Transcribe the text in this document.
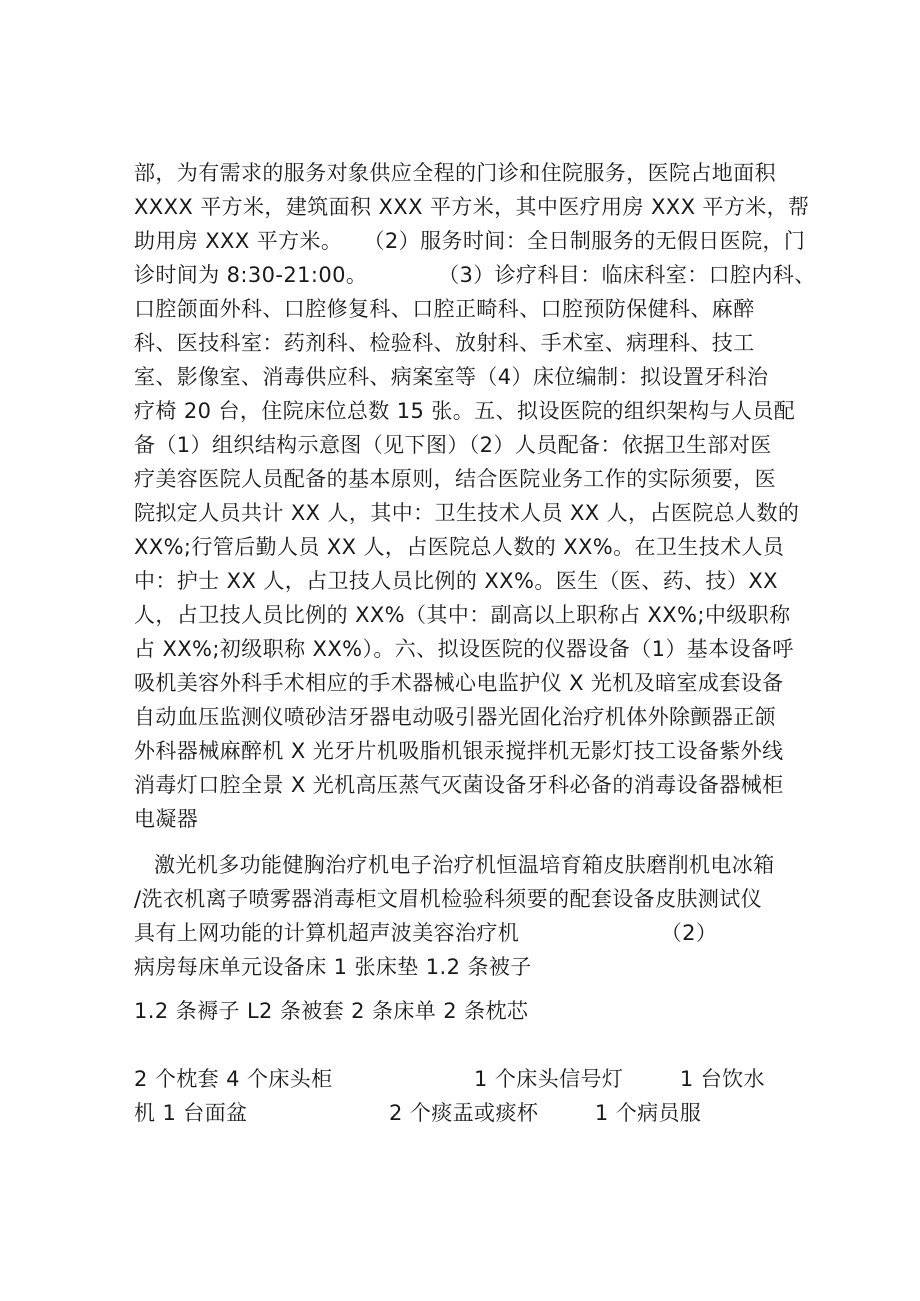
部，为有需求的服务对象供应全程的门诊和住院服务，医院占地面积

XXXX 平方米，建筑面积 XXX 平方米，其中医疗用房 XXX 平方米，帮

助用房 XXX 平方米。   （2）服务时间：全日制服务的无假日医院，门

诊时间为 8:30-21:00。          （3）诊疗科目：临床科室：口腔内科、

口腔颌面外科、口腔修复科、口腔正畸科、口腔预防保健科、麻醉

科、医技科室：药剂科、检验科、放射科、手术室、病理科、技工

室、影像室、消毒供应科、病案室等（4）床位编制：拟设置牙科治

疗椅 20 台，住院床位总数 15 张。五、拟设医院的组织架构与人员配

备（1）组织结构示意图（见下图）（2）人员配备：依据卫生部对医

疗美容医院人员配备的基本原则，结合医院业务工作的实际须要，医

院拟定人员共计 XX 人，其中：卫生技术人员 XX 人，占医院总人数的

XX%;行管后勤人员 XX 人，占医院总人数的 XX%。在卫生技术人员

中：护士 XX 人，占卫技人员比例的 XX%。医生（医、药、技）XX

人，占卫技人员比例的 XX%（其中：副高以上职称占 XX%;中级职称

占 XX%;初级职称 XX%）。六、拟设医院的仪器设备（1）基本设备呼

吸机美容外科手术相应的手术器械心电监护仪 X 光机及暗室成套设备

自动血压监测仪喷砂洁牙器电动吸引器光固化治疗机体外除颤器正颌

外科器械麻醉机 X 光牙片机吸脂机银汞搅拌机无影灯技工设备紫外线

消毒灯口腔全景 X 光机高压蒸气灭菌设备牙科必备的消毒设备器械柜

电凝器

激光机多功能健胸治疗机电子治疗机恒温培育箱皮肤磨削机电冰箱

/洗衣机离子喷雾器消毒柜文眉机检验科须要的配套设备皮肤测试仪

具有上网功能的计算机超声波美容治疗机                    （2）

病房每床单元设备床 1 张床垫 1.2 条被子

1.2 条褥子 L2 条被套 2 条床单 2 条枕芯

2 个枕套 4 个床头柜                    1 个床头信号灯        1 台饮水

机 1 台面盆                    2 个痰盂或痰杯        1 个病员服
